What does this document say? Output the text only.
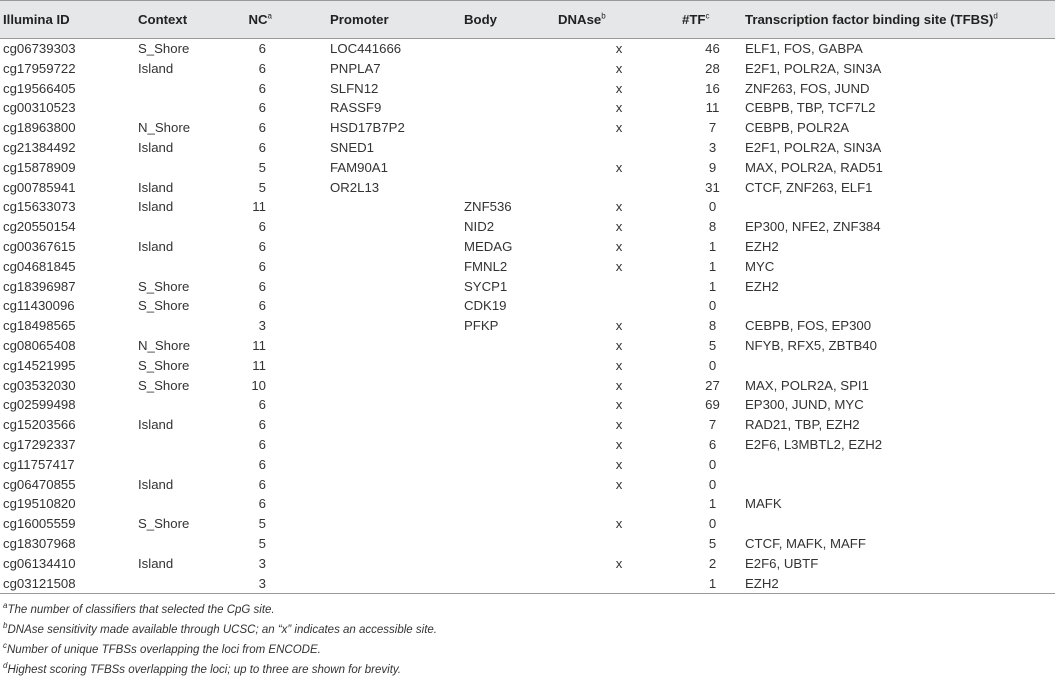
Illumina ID	Context	$NC^a$		Promoter	Body	DNAse$^b$	$\#TF^c$	Transcription factor binding site (TFBS)$^d$
cg06739303	S_Shore	6		LOC441666		x	46	ELF1, FOS, GABPA
cg17959722	Island	6		PNPLA7		x	28	E2F1, POLR2A, SIN3A
cg19566405		6		SLFN12		x	16	ZNF263, FOS, JUND
cg00310523		6		RASSF9		x	11	CEBPB, TBP, TCF7L2
cg18963800	N_Shore	6		HSD17B7P2		x	7	CEBPB, POLR2A
cg21384492	Island	6		SNED1			3	E2F1, POLR2A, SIN3A
cg15878909		5		FAM90A1		x	9	MAX, POLR2A, RAD51
cg00785941	Island	5		OR2L13			31	CTCF, ZNF263, ELF1
cg15633073	Island	11			ZNF536	x	0	
cg20550154		6			NID2	x	8	EP300, NFE2, ZNF384
cg00367615	Island	6			MEDAG	x	1	EZH2
cg04681845		6			FMNL2	x	1	MYC
cg18396987	S_Shore	6			SYCP1		1	EZH2
cg11430096	S_Shore	6			CDK19		0	
cg18498565		3			PFKP	x	8	CEBPB, FOS, EP300
cg08065408	N_Shore	11				x	5	NFYB, RFX5, ZBTB40
cg14521995	S_Shore	11				x	0	
cg03532030	S_Shore	10				x	27	MAX, POLR2A, SPI1
cg02599498		6				x	69	EP300, JUND, MYC
cg15203566	Island	6				x	7	RAD21, TBP, EZH2
cg17292337		6				x	6	E2F6, L3MBTL2, EZH2
cg11757417		6				x	0	
cg06470855	Island	6				x	0	
cg19510820		6					1	MAFK
cg16005559	S_Shore	5				x	0	
cg18307968		5					5	CTCF, MAFK, MAFF
cg06134410	Island	3				x	2	E2F6, UBTF
cg03121508		3					1	EZH2
$^a$The number of classifiers that selected the CpG site.
$^b$DNAse sensitivity made available through UCSC; an “x” indicates an accessible site.
$^c$Number of unique TFBSs overlapping the loci from ENCODE.
$^d$Highest scoring TFBSs overlapping the loci; up to three are shown for brevity.
